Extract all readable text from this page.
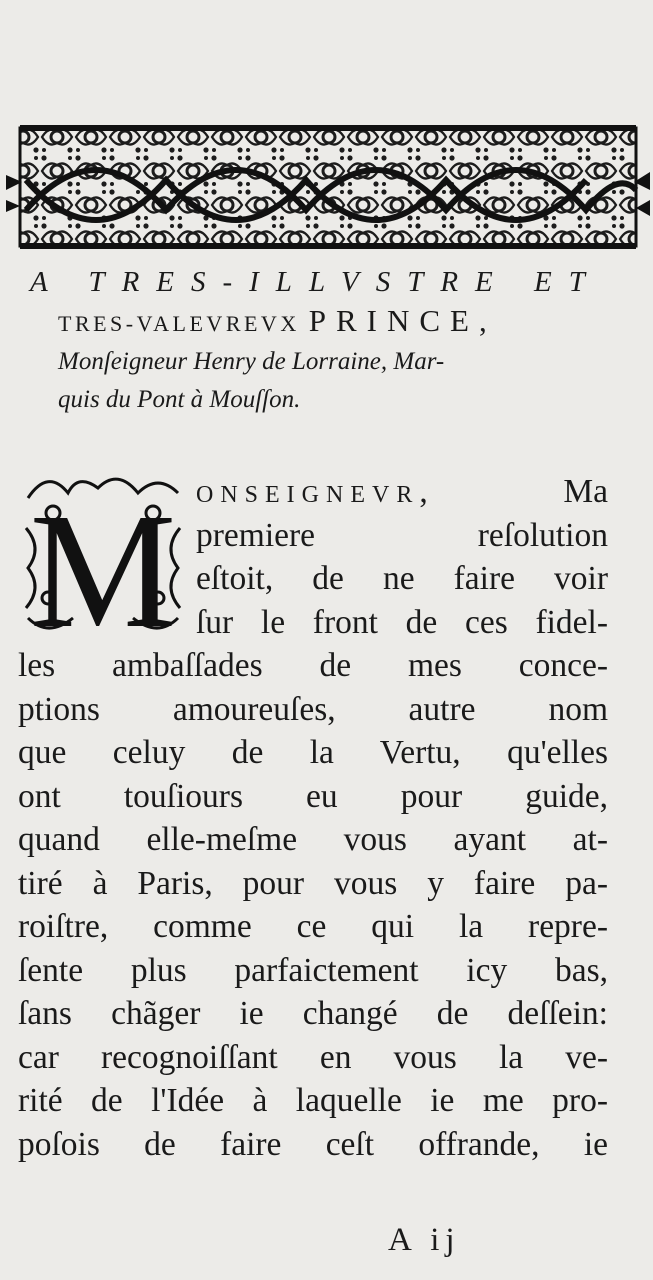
A TRES-ILLVSTRE ET
TRES-VALEVREVX PRINCE,
Monſeigneur Henry de Lorraine, Mar-
quis du Pont à Mouſſon.
M ONSEIGNEVR, Ma
premiere reſolution
eſtoit, de ne faire voir
ſur le front de ces fidel-
les ambaſſades de mes conce-
ptions amoureuſes, autre nom
que celuy de la Vertu, qu'elles
ont touſiours eu pour guide,
quand elle-meſme vous ayant at-
tiré à Paris, pour vous y faire pa-
roiſtre, comme ce qui la repre-
ſente plus parfaictement icy bas,
ſans chãger ie changé de deſſein:
car recognoiſſant en vous la ve-
rité de l'Idée à laquelle ie me pro-
poſois de faire ceſt offrande, ie
A ij
